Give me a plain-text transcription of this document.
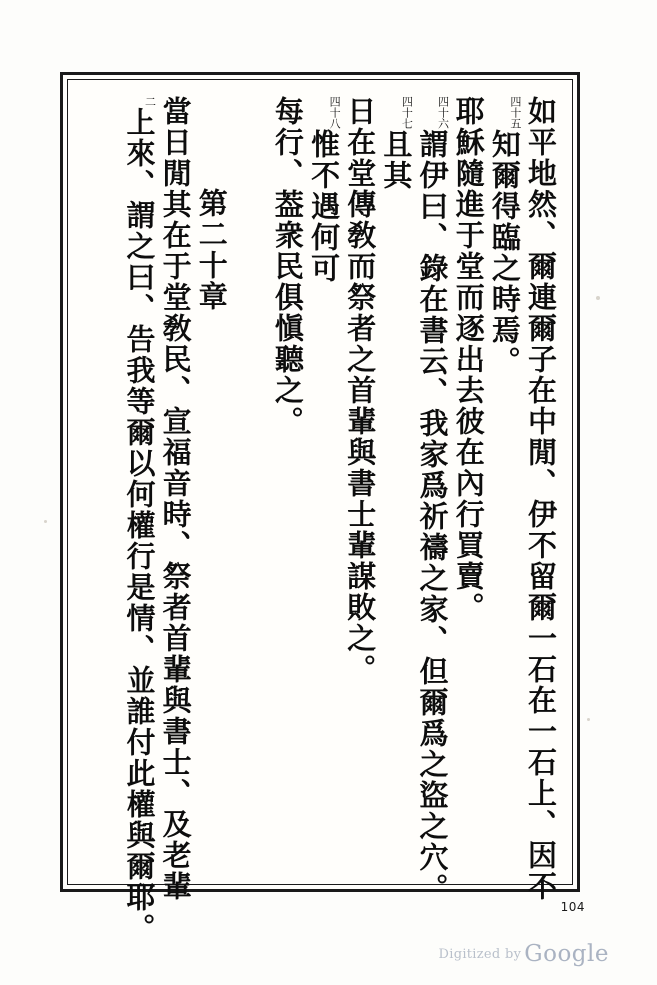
如平地然、爾連爾子在中閒、伊不留爾一石在一石上、因不
四十五知爾得臨之時焉。
耶穌隨進于堂而逐出去彼在內行買賣。
四十六謂伊曰、錄在書云、我家爲祈禱之家、但爾爲之盜之穴。
四十七且其
日在堂傳敎而祭者之首輩與書士輩謀敗之。
四十八惟不遇何可
每行、葢衆民俱愼聽之。
第二十章
當日閒其在于堂敎民、宣福音時、祭者首輩與書士、及老輩
二上來、謂之曰、告我等爾以何權行是情、並誰付此權與爾耶。	104
Digitized by Google
